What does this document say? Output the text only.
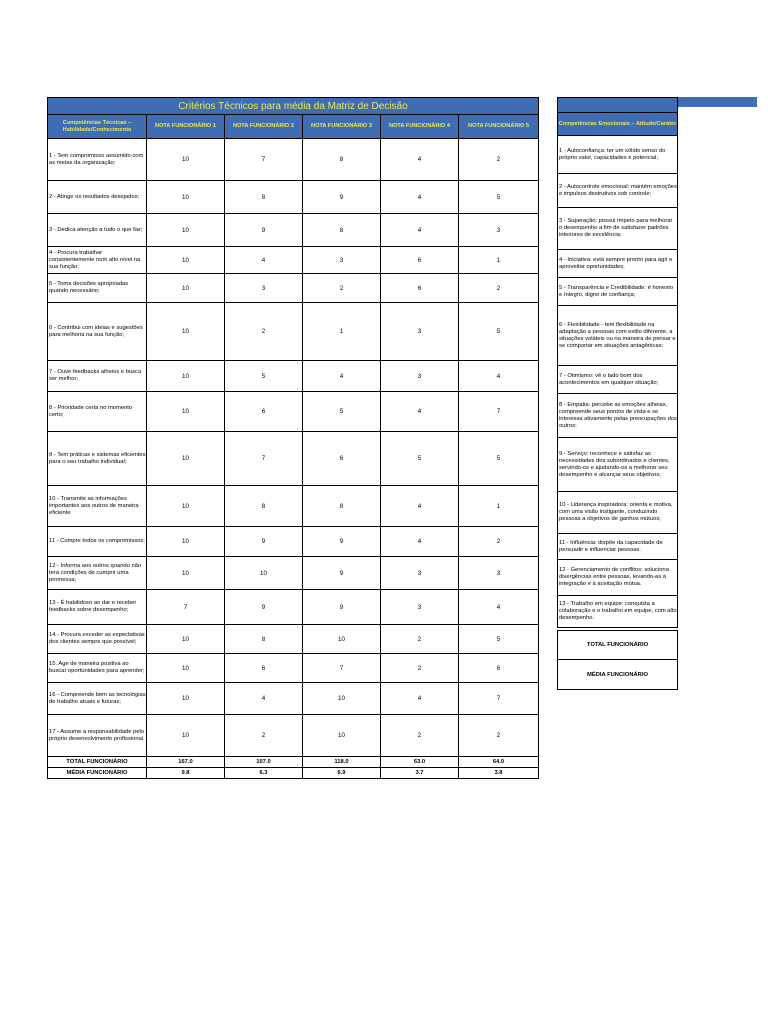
Critérios Técnicos para média da Matriz de Decisão					
Competências Técnicas – Habilidade/Conhecimento	NOTA FUNCIONÁRIO 1	NOTA FUNCIONÁRIO 2	NOTA FUNCIONÁRIO 3	NOTA FUNCIONÁRIO 4	NOTA FUNCIONÁRIO 5
1 - Tem compromisso assumido com as metas da organização;	10	7	8	4	2
2 - Atinge os resultados desejados;	10	8	9	4	5
3 - Dedica atenção a tudo o que faz;	10	9	8	4	3
4 - Procura trabalhar consistentemente num alto nível na sua função;	10	4	3	6	1
5 - Toma decisões apropriadas quando necessário;	10	3	2	6	2
6 - Contribui com ideias e sugestões para melhoria na sua função;	10	2	1	3	5
7 - Ouve feedbacks alheios e busca ser melhor;	10	5	4	3	4
8 - Prioridade certa no momento certo;	10	6	5	4	7
9 - Tem práticas e sistemas eficientes para o seu trabalho individual;	10	7	6	5	5
10 - Transmite as informações importantes aos outros de maneira eficiente	10	8	8	4	1
11 - Cumpre todos os compromissos;	10	9	9	4	2
12 - Informa aos outros quando não terá condições de cumprir uma promessa;	10	10	9	3	3
13 - É habilidoso ao dar e receber feedbacks sobre desempenho;	7	9	9	3	4
14 - Procura exceder as expectativas dos clientes sempre que possível;	10	8	10	2	5
15. Age de maneira positiva ao buscar oportunidades para aprender;	10	6	7	2	6
16 - Compreende bem as tecnologias de trabalho atuais e futuras;	10	4	10	4	7
17 - Assume a responsabilidade pelo próprio desenvolvimento profissional.	10	2	10	2	2
TOTAL FUNCIONÁRIO	167.0	107.0	118.0	63.0	64.0
MÉDIA FUNCIONÁRIO	9.8	6.3	6.9	3.7	3.8
Competências Emocionais – Atitude/Caráter
1 - Autoconfiança: ter um sólido senso do próprio valor, capacidades e potencial;
2 - Autocontrole emocional: mantém emoções e impulsos destrutivos sob controle;
3 - Superação: possui ímpeto para melhorar o desempenho a fim de satisfazer padrões interiores de excelência;
4 - Iniciativa: está sempre pronto para agir e aproveitar oportunidades;
5 - Transparência e Credibilidade: é honesto e íntegro, digno de confiança;
6 - Flexibilidade - tem flexibilidade na adaptação a pessoas com estilo diferente, a situações voláteis ou na maneira de pensar e se comportar em situações antagônicas;
7 - Otimismo: vê o lado bom dos acontecimentos em qualquer situação;
8 - Empatia: percebe as emoções alheias, compreende seus pontos de vista e se interessa ativamente pelas preocupações dos outros;
9 - Serviço: reconhece e satisfaz as necessidades dos subordinados e clientes, servindo-os e ajudando-os a melhorar seu desempenho e alcançar seus objetivos;
10 - Liderança inspiradora: orienta e motiva, com uma visão instigante, conduzindo pessoas a objetivos de ganhos mútuos;
11 - Influência: dispõe da capacidade de persuadir e influenciar pessoas.
12 - Gerenciamento de conflitos: soluciona divergências entre pessoas, levando-as à integração e à aceitação mútua.
13 - Trabalho em equipe: conquista a colaboração e o trabalho em equipe, com alto desempenho.
TOTAL FUNCIONÁRIO
MÉDIA FUNCIONÁRIO
